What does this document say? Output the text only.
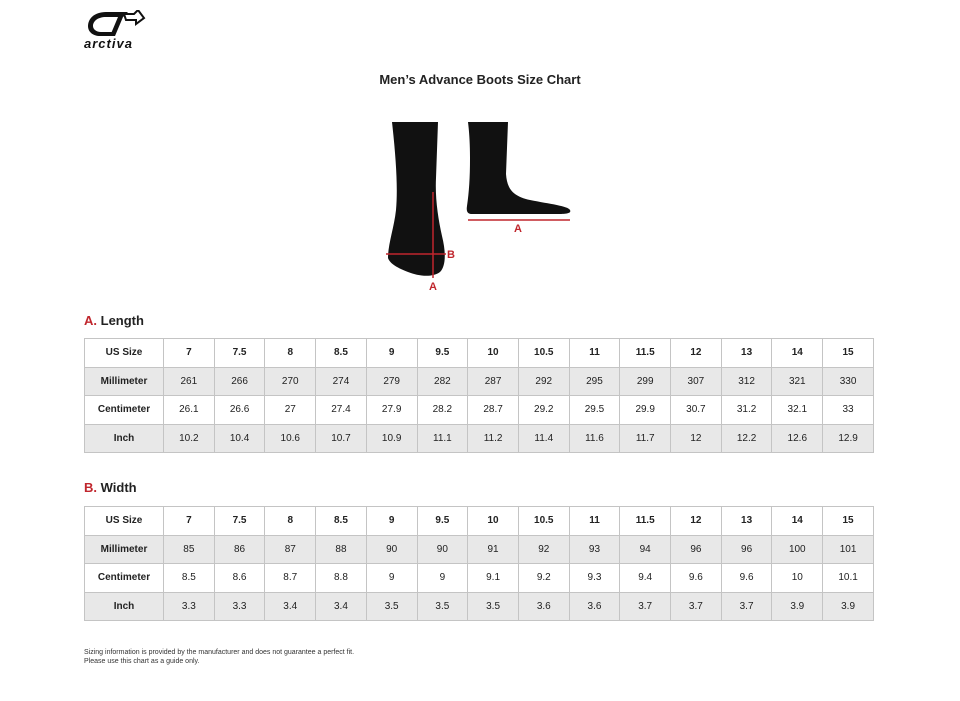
arctiva
Men’s Advance Boots Size Chart
A
B
A
A. Length
US Size	7	7.5	8	8.5	9	9.5	10	10.5	11	11.5	12	13	14	15
Millimeter	261	266	270	274	279	282	287	292	295	299	307	312	321	330
Centimeter	26.1	26.6	27	27.4	27.9	28.2	28.7	29.2	29.5	29.9	30.7	31.2	32.1	33
Inch	10.2	10.4	10.6	10.7	10.9	11.1	11.2	11.4	11.6	11.7	12	12.2	12.6	12.9
B. Width
US Size	7	7.5	8	8.5	9	9.5	10	10.5	11	11.5	12	13	14	15
Millimeter	85	86	87	88	90	90	91	92	93	94	96	96	100	101
Centimeter	8.5	8.6	8.7	8.8	9	9	9.1	9.2	9.3	9.4	9.6	9.6	10	10.1
Inch	3.3	3.3	3.4	3.4	3.5	3.5	3.5	3.6	3.6	3.7	3.7	3.7	3.9	3.9
Sizing information is provided by the manufacturer and does not guarantee a perfect fit.
Please use this chart as a guide only.
